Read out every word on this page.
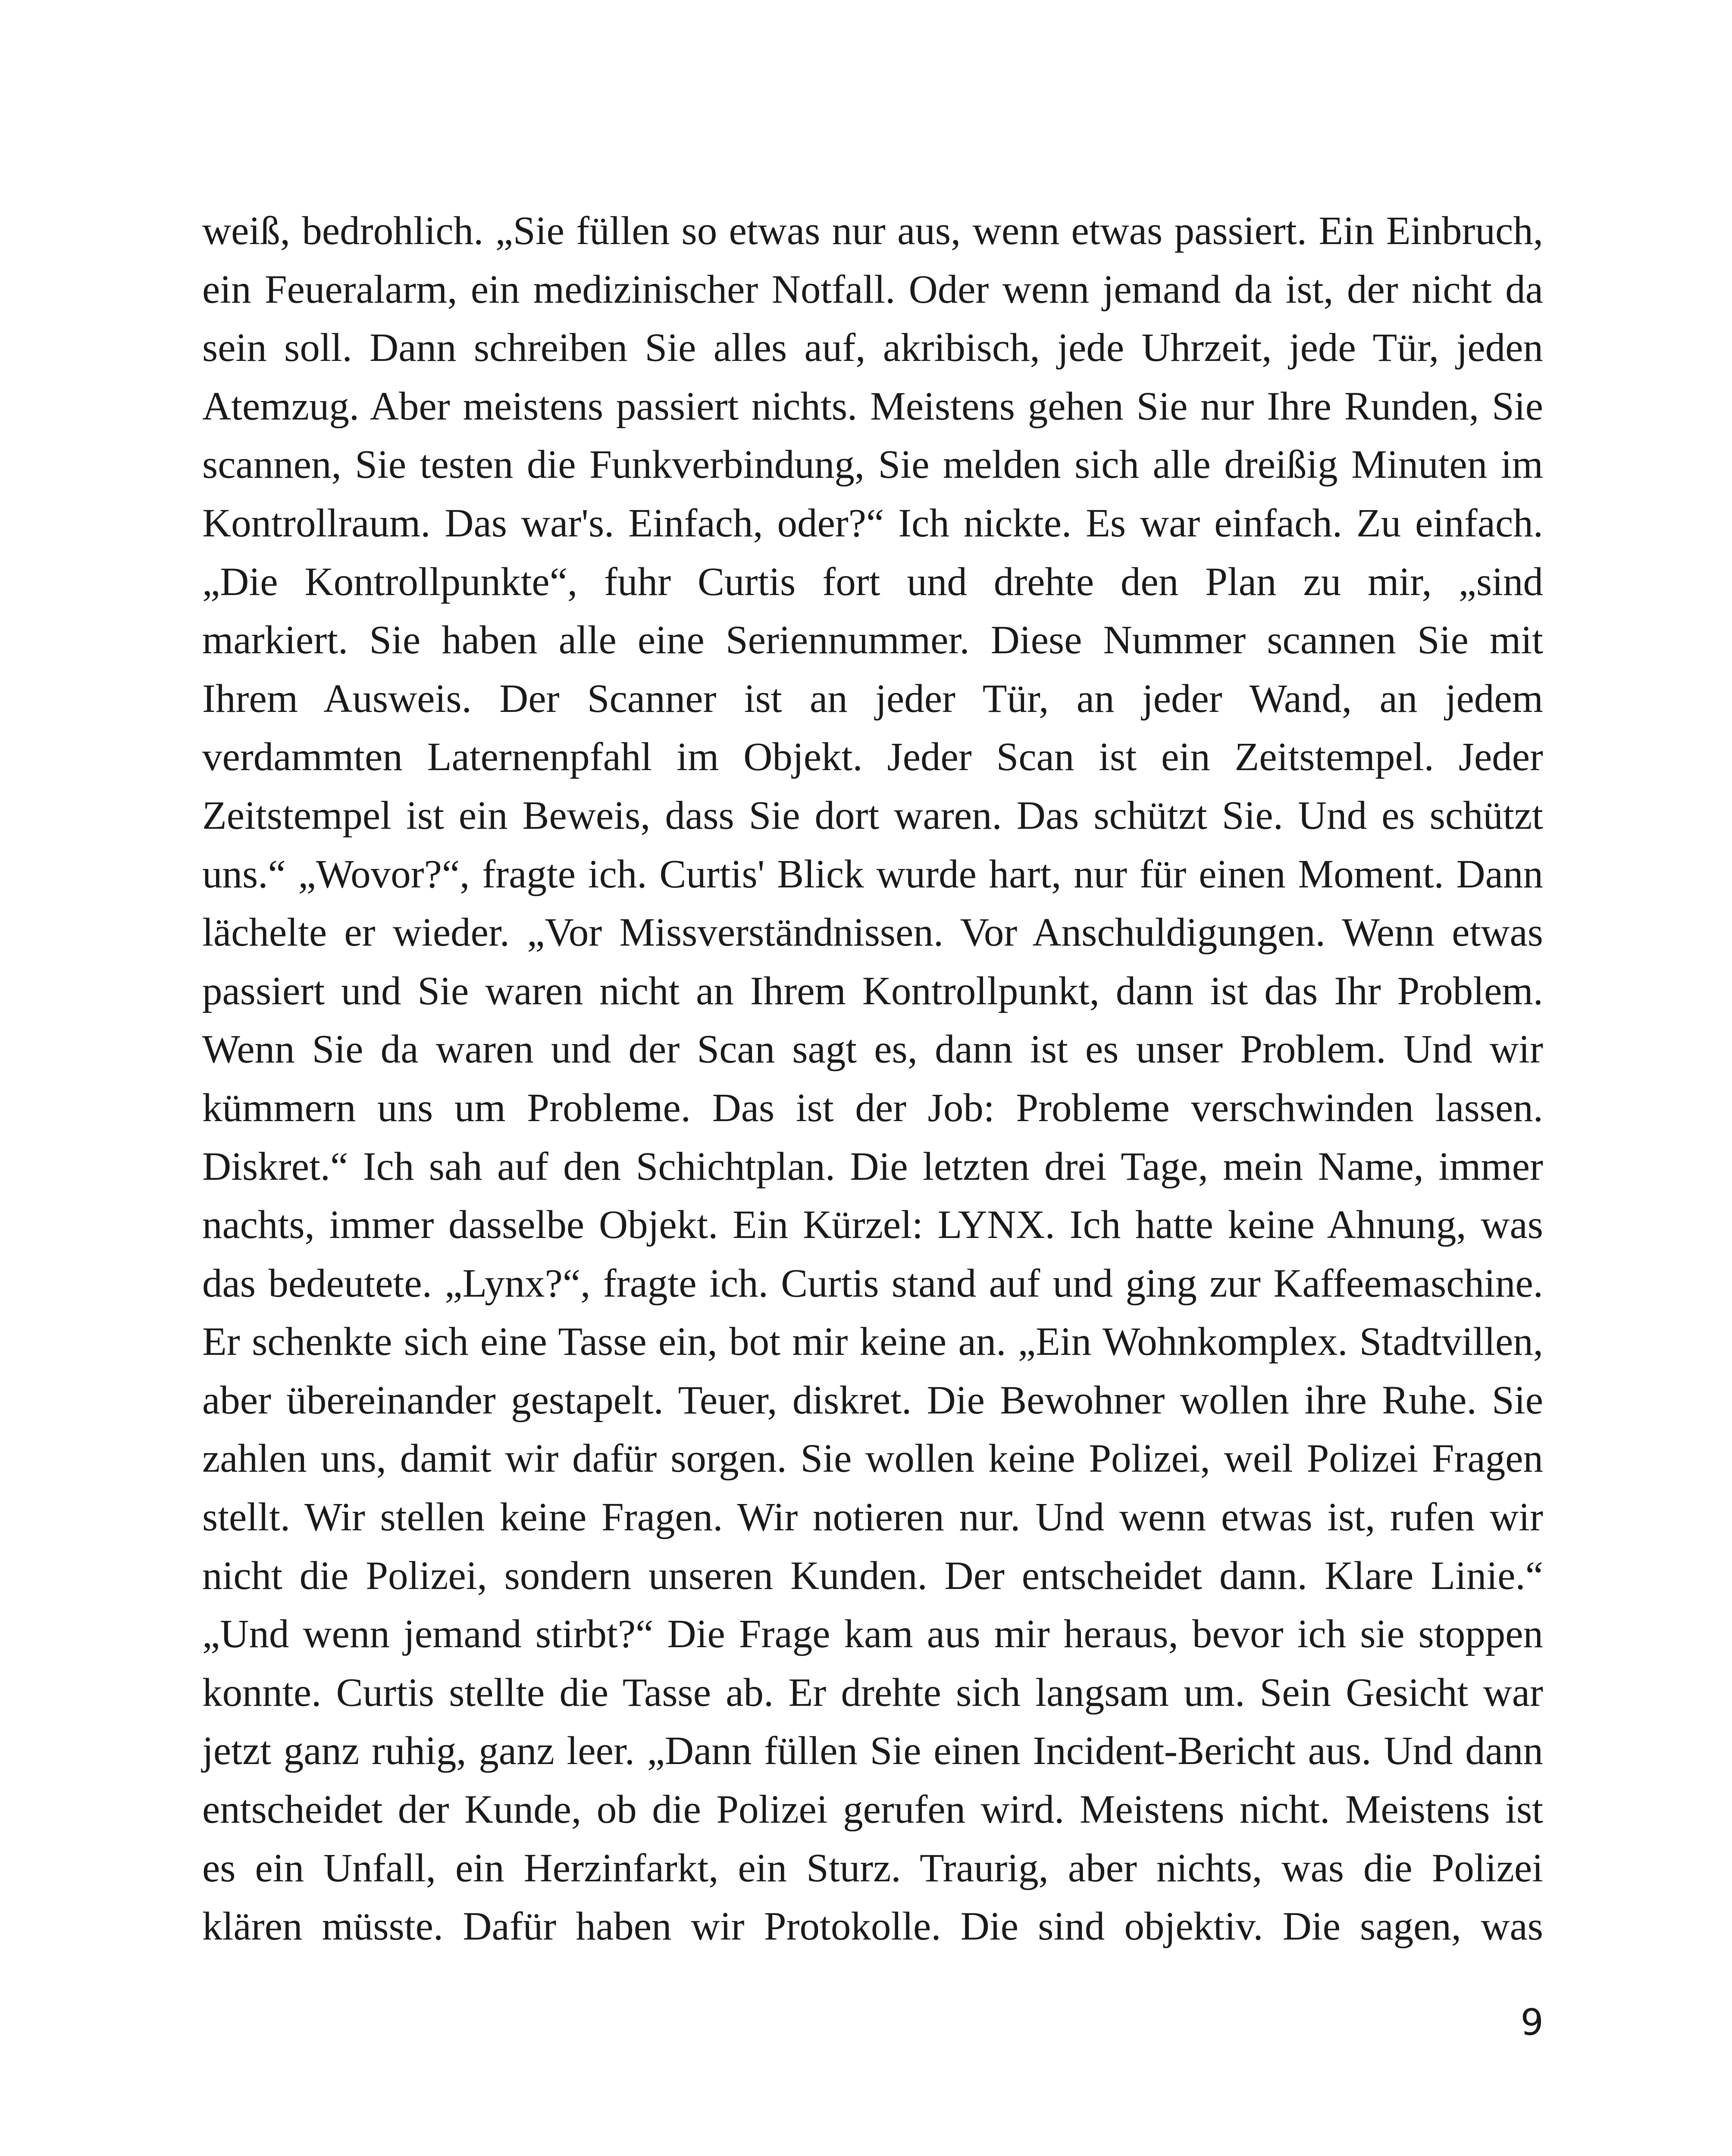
weiß, bedrohlich. „Sie füllen so etwas nur aus, wenn etwas passiert. Ein Einbruch,
ein Feueralarm, ein medizinischer Notfall. Oder wenn jemand da ist, der nicht da
sein soll. Dann schreiben Sie alles auf, akribisch, jede Uhrzeit, jede Tür, jeden
Atemzug. Aber meistens passiert nichts. Meistens gehen Sie nur Ihre Runden, Sie
scannen, Sie testen die Funkverbindung, Sie melden sich alle dreißig Minuten im
Kontrollraum. Das war's. Einfach, oder?“ Ich nickte. Es war einfach. Zu einfach.
„Die Kontrollpunkte“, fuhr Curtis fort und drehte den Plan zu mir, „sind
markiert. Sie haben alle eine Seriennummer. Diese Nummer scannen Sie mit
Ihrem Ausweis. Der Scanner ist an jeder Tür, an jeder Wand, an jedem
verdammten Laternenpfahl im Objekt. Jeder Scan ist ein Zeitstempel. Jeder
Zeitstempel ist ein Beweis, dass Sie dort waren. Das schützt Sie. Und es schützt
uns.“ „Wovor?“, fragte ich. Curtis' Blick wurde hart, nur für einen Moment. Dann
lächelte er wieder. „Vor Missverständnissen. Vor Anschuldigungen. Wenn etwas
passiert und Sie waren nicht an Ihrem Kontrollpunkt, dann ist das Ihr Problem.
Wenn Sie da waren und der Scan sagt es, dann ist es unser Problem. Und wir
kümmern uns um Probleme. Das ist der Job: Probleme verschwinden lassen.
Diskret.“ Ich sah auf den Schichtplan. Die letzten drei Tage, mein Name, immer
nachts, immer dasselbe Objekt. Ein Kürzel: LYNX. Ich hatte keine Ahnung, was
das bedeutete. „Lynx?“, fragte ich. Curtis stand auf und ging zur Kaffeemaschine.
Er schenkte sich eine Tasse ein, bot mir keine an. „Ein Wohnkomplex. Stadtvillen,
aber übereinander gestapelt. Teuer, diskret. Die Bewohner wollen ihre Ruhe. Sie
zahlen uns, damit wir dafür sorgen. Sie wollen keine Polizei, weil Polizei Fragen
stellt. Wir stellen keine Fragen. Wir notieren nur. Und wenn etwas ist, rufen wir
nicht die Polizei, sondern unseren Kunden. Der entscheidet dann. Klare Linie.“
„Und wenn jemand stirbt?“ Die Frage kam aus mir heraus, bevor ich sie stoppen
konnte. Curtis stellte die Tasse ab. Er drehte sich langsam um. Sein Gesicht war
jetzt ganz ruhig, ganz leer. „Dann füllen Sie einen Incident-Bericht aus. Und dann
entscheidet der Kunde, ob die Polizei gerufen wird. Meistens nicht. Meistens ist
es ein Unfall, ein Herzinfarkt, ein Sturz. Traurig, aber nichts, was die Polizei
klären müsste. Dafür haben wir Protokolle. Die sind objektiv. Die sagen, was
9
